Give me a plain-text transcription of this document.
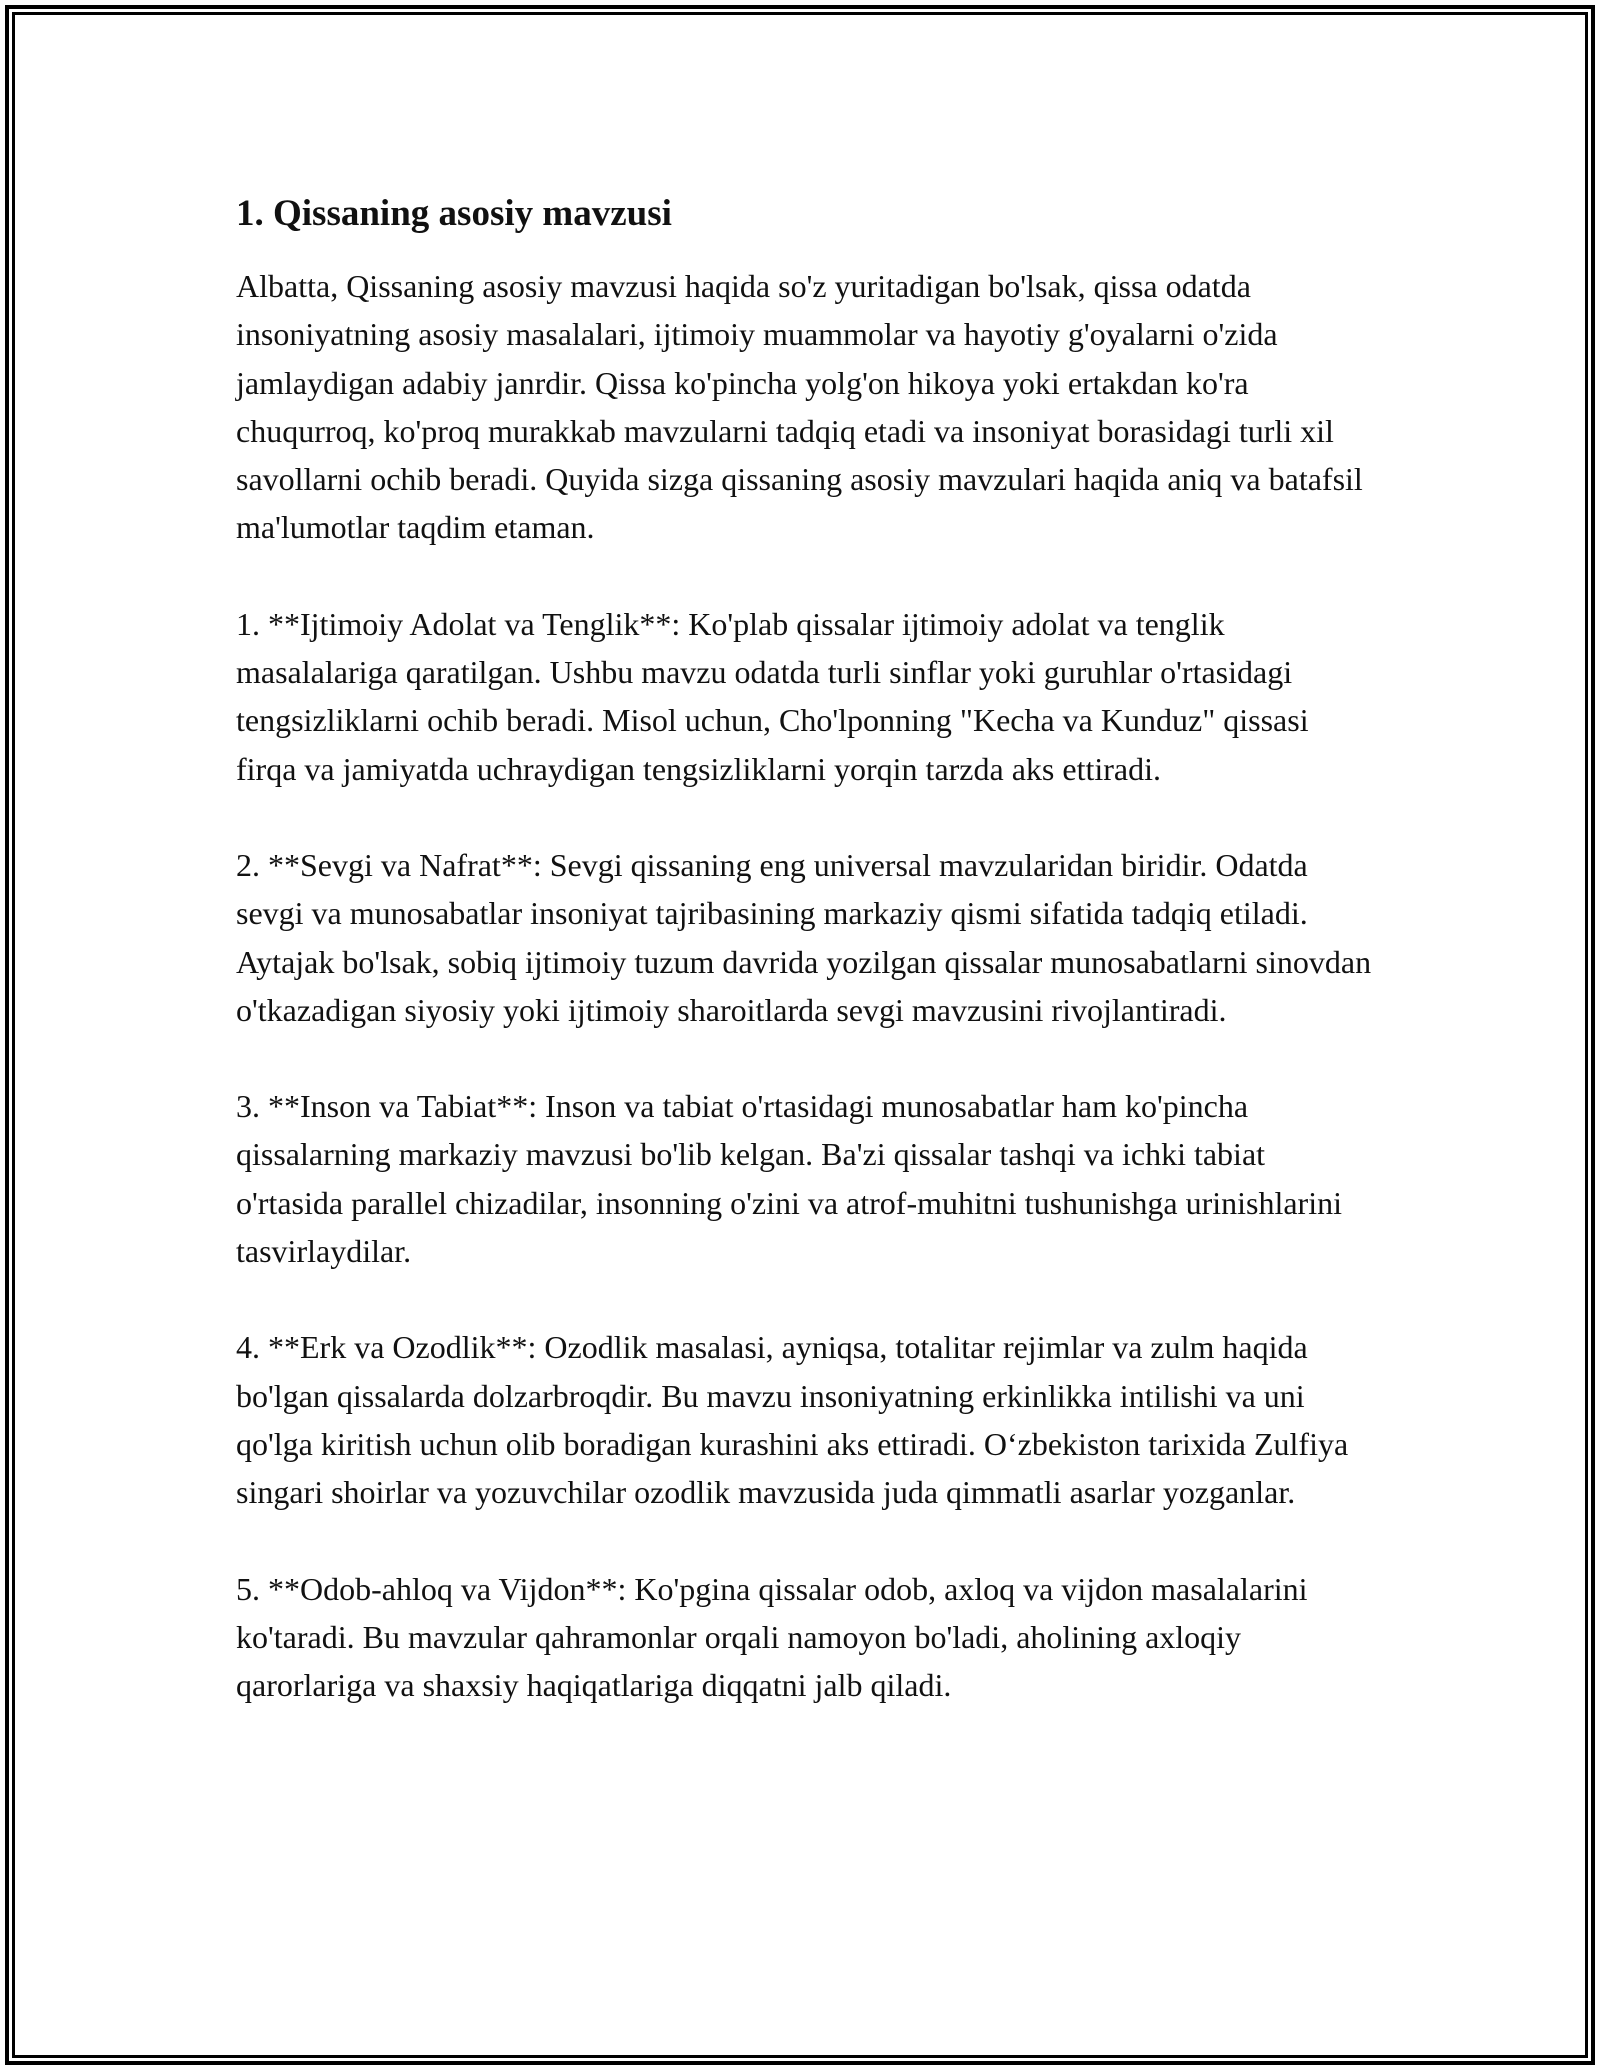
1. Qissaning asosiy mavzusi

Albatta, Qissaning asosiy mavzusi haqida so'z yuritadigan bo'lsak, qissa odatda insoniyatning asosiy masalalari, ijtimoiy muammolar va hayotiy g'oyalarni o'zida jamlaydigan adabiy janrdir. Qissa ko'pincha yolg'on hikoya yoki ertakdan ko'ra chuqurroq, ko'proq murakkab mavzularni tadqiq etadi va insoniyat borasidagi turli xil savollarni ochib beradi. Quyida sizga qissaning asosiy mavzulari haqida aniq va batafsil ma'lumotlar taqdim etaman.

1. **Ijtimoiy Adolat va Tenglik**: Ko'plab qissalar ijtimoiy adolat va tenglik masalalariga qaratilgan. Ushbu mavzu odatda turli sinflar yoki guruhlar o'rtasidagi tengsizliklarni ochib beradi. Misol uchun, Cho'lponning "Kecha va Kunduz" qissasi firqa va jamiyatda uchraydigan tengsizliklarni yorqin tarzda aks ettiradi.

2. **Sevgi va Nafrat**: Sevgi qissaning eng universal mavzularidan biridir. Odatda sevgi va munosabatlar insoniyat tajribasining markaziy qismi sifatida tadqiq etiladi. Aytajak bo'lsak, sobiq ijtimoiy tuzum davrida yozilgan qissalar munosabatlarni sinovdan o'tkazadigan siyosiy yoki ijtimoiy sharoitlarda sevgi mavzusini rivojlantiradi.

3. **Inson va Tabiat**: Inson va tabiat o'rtasidagi munosabatlar ham ko'pincha qissalarning markaziy mavzusi bo'lib kelgan. Ba'zi qissalar tashqi va ichki tabiat o'rtasida parallel chizadilar, insonning o'zini va atrof-muhitni tushunishga urinishlarini tasvirlaydilar.

4. **Erk va Ozodlik**: Ozodlik masalasi, ayniqsa, totalitar rejimlar va zulm haqida bo'lgan qissalarda dolzarbroqdir. Bu mavzu insoniyatning erkinlikka intilishi va uni qo'lga kiritish uchun olib boradigan kurashini aks ettiradi. O‘zbekiston tarixida Zulfiya singari shoirlar va yozuvchilar ozodlik mavzusida juda qimmatli asarlar yozganlar.

5. **Odob-ahloq va Vijdon**: Ko'pgina qissalar odob, axloq va vijdon masalalarini ko'taradi. Bu mavzular qahramonlar orqali namoyon bo'ladi, aholining axloqiy qarorlariga va shaxsiy haqiqatlariga diqqatni jalb qiladi.
